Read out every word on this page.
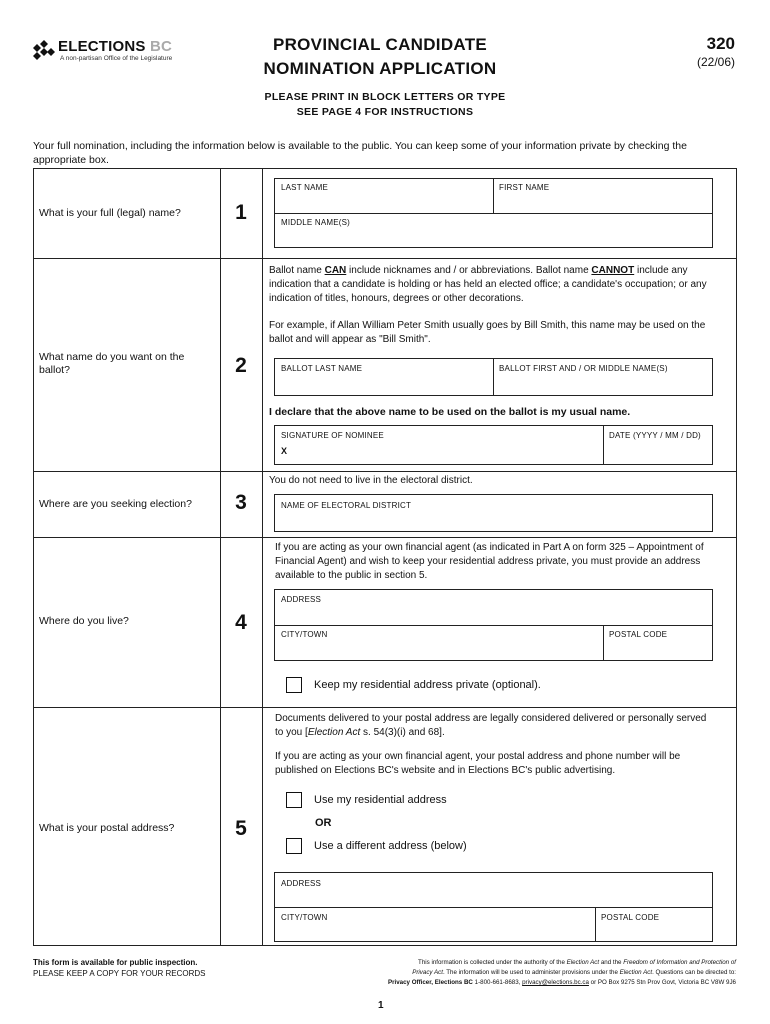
ELECTIONS BC
A non-partisan Office of the Legislature
PROVINCIAL CANDIDATE
NOMINATION APPLICATION
320
(22/06)
PLEASE PRINT IN BLOCK LETTERS OR TYPE
SEE PAGE 4 FOR INSTRUCTIONS
Your full nomination, including the information below is available to the public. You can keep some of your information private by checking the appropriate box.
What is your full (legal) name?	1
LAST NAME	FIRST NAME
MIDDLE NAME(S)
What name do you want on the ballot?	2
Ballot name CAN include nicknames and / or abbreviations. Ballot name CANNOT include any indication that a candidate is holding or has held an elected office; a candidate's occupation; or any indication of titles, honours, degrees or other decorations.
For example, if Allan William Peter Smith usually goes by Bill Smith, this name may be used on the ballot and will appear as "Bill Smith".
BALLOT LAST NAME	BALLOT FIRST AND / OR MIDDLE NAME(S)
I declare that the above name to be used on the ballot is my usual name.
SIGNATURE OF NOMINEE	DATE (YYYY / MM / DD)
X
Where are you seeking election? 3
You do not need to live in the electoral district.
NAME OF ELECTORAL DISTRICT
Where do you live?	4
If you are acting as your own financial agent (as indicated in Part A on form 325 – Appointment of Financial Agent) and wish to keep your residential address private, you must provide an address available to the public in section 5.
ADDRESS
CITY/TOWN	POSTAL CODE
Keep my residential address private (optional).
What is your postal address?	5
Documents delivered to your postal address are legally considered delivered or personally served to you [Election Act s. 54(3)(i) and 68].
If you are acting as your own financial agent, your postal address and phone number will be published on Elections BC's website and in Elections BC's public advertising.
Use my residential address
OR
Use a different address (below)
ADDRESS
CITY/TOWN	POSTAL CODE
This form is available for public inspection.
PLEASE KEEP A COPY FOR YOUR RECORDS
This information is collected under the authority of the Election Act and the Freedom of Information and Protection of
Privacy Act. The information will be used to administer provisions under the Election Act. Questions can be directed to:
Privacy Officer, Elections BC 1-800-661-8683, privacy@elections.bc.ca or PO Box 9275 Stn Prov Govt, Victoria BC V8W 9J6
1
